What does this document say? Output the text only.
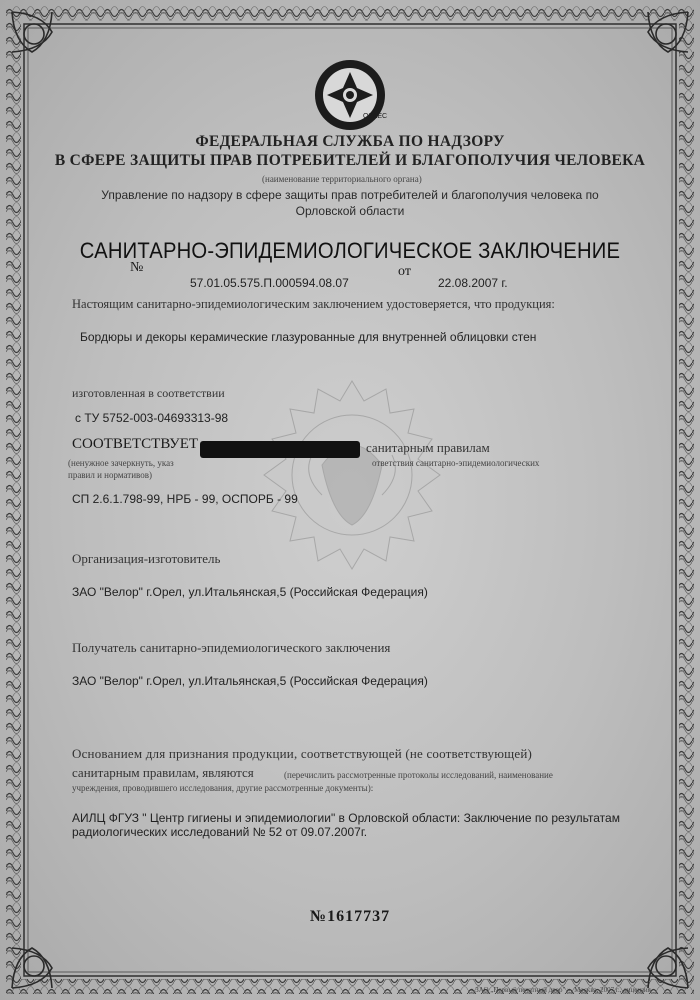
ОЗАЕС
ФЕДЕРАЛЬНАЯ СЛУЖБА ПО НАДЗОРУ
В СФЕРЕ ЗАЩИТЫ ПРАВ ПОТРЕБИТЕЛЕЙ И БЛАГОПОЛУЧИЯ ЧЕЛОВЕКА
(наименование территориального органа)
Управление по надзору в сфере защиты прав потребителей и благополучия человека по
Орловской области
САНИТАРНО-ЭПИДЕМИОЛОГИЧЕСКОЕ ЗАКЛЮЧЕНИЕ
№
57.01.05.575.П.000594.08.07
от
22.08.2007 г.
Настоящим санитарно-эпидемиологическим заключением удостоверяется, что продукция:
Бордюры и декоры керамические глазурованные для внутренней облицовки стен
изготовленная в соответствии
с ТУ 5752-003-04693313-98
СООТВЕТСТВУЕТ	санитарным правилам
(ненужное зачеркнуть, указ	ответствия санитарно-эпидемиологических
правил и нормативов)
СП 2.6.1.798-99, НРБ - 99, ОСПОРБ - 99
Организация-изготовитель
ЗАО "Велор" г.Орел, ул.Итальянская,5 (Российская Федерация)
Получатель санитарно-эпидемиологического заключения
ЗАО "Велор" г.Орел, ул.Итальянская,5 (Российская Федерация)
Основанием для признания продукции, соответствующей (не соответствующей)
санитарным правилам, являются	(перечислить рассмотренные протоколы исследований, наименование
учреждения, проводившего исследования, другие рассмотренные документы):
АИЛЦ ФГУЗ " Центр гигиены и эпидемиологии" в Орловской области: Заключение по результатам
радиологических исследований № 52 от 09.07.2007г.
№1617737
« ЗАО „Первый печатный двор" », Москва, 2007 г., лицензия
